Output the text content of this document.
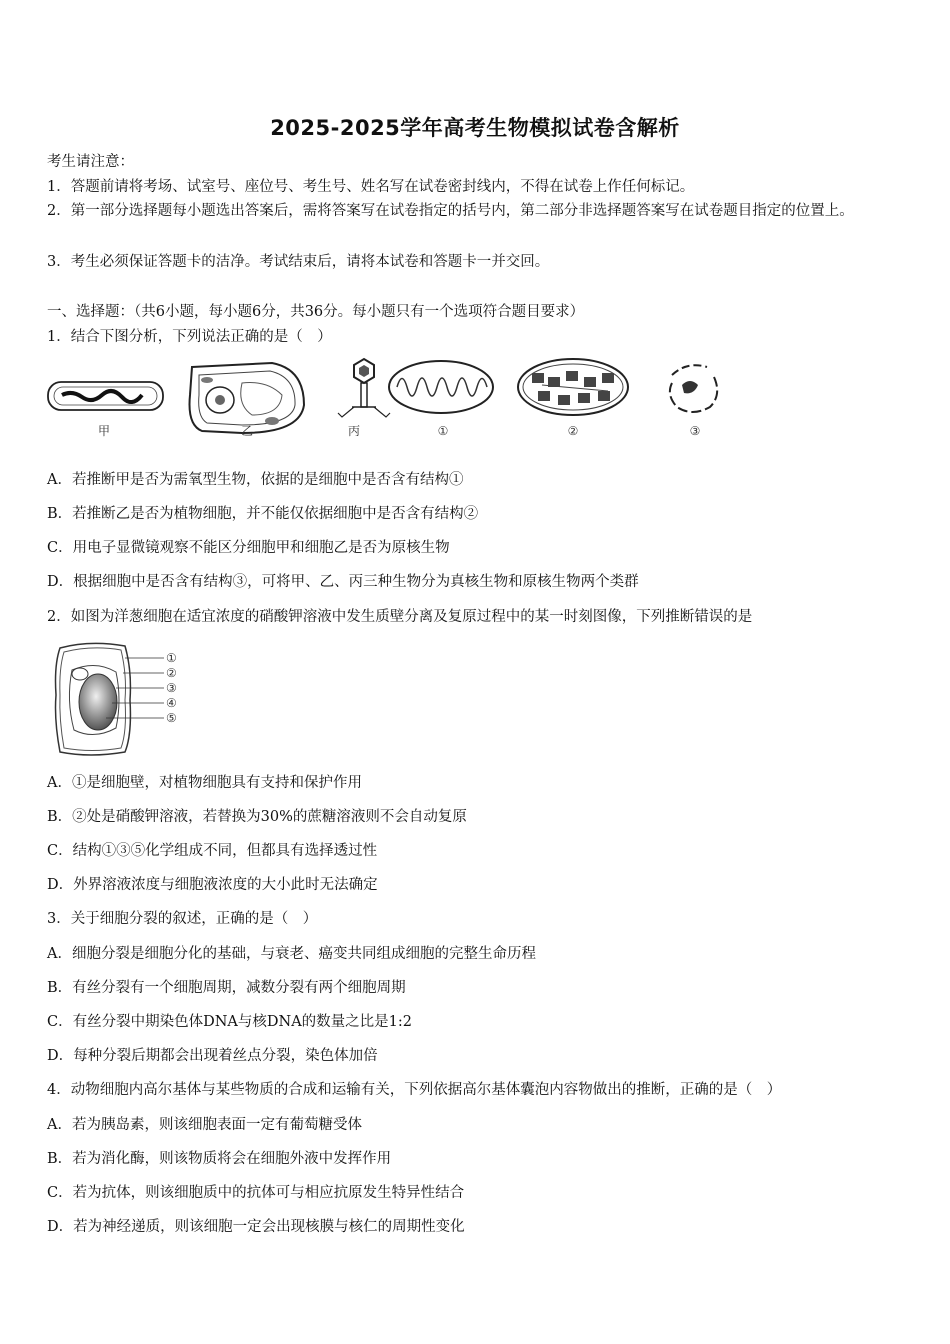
2025-2025学年高考生物模拟试卷含解析
考生请注意：
1．答题前请将考场、试室号、座位号、考生号、姓名写在试卷密封线内，不得在试卷上作任何标记。
2．第一部分选择题每小题选出答案后，需将答案写在试卷指定的括号内，第二部分非选择题答案写在试卷题目指定的位置上。
3．考生必须保证答题卡的洁净。考试结束后，请将本试卷和答题卡一并交回。
一、选择题：（共6小题，每小题6分，共36分。每小题只有一个选项符合题目要求）
1．结合下图分析，下列说法正确的是（　）
甲	乙	丙	①	②	③
A．若推断甲是否为需氧型生物，依据的是细胞中是否含有结构①
B．若推断乙是否为植物细胞，并不能仅依据细胞中是否含有结构②
C．用电子显微镜观察不能区分细胞甲和细胞乙是否为原核生物
D．根据细胞中是否含有结构③，可将甲、乙、丙三种生物分为真核生物和原核生物两个类群
2．如图为洋葱细胞在适宜浓度的硝酸钾溶液中发生质壁分离及复原过程中的某一时刻图像，下列推断错误的是
①
②
③
④
⑤
A．①是细胞壁，对植物细胞具有支持和保护作用
B．②处是硝酸钾溶液，若替换为30%的蔗糖溶液则不会自动复原
C．结构①③⑤化学组成不同，但都具有选择透过性
D．外界溶液浓度与细胞液浓度的大小此时无法确定
3．关于细胞分裂的叙述，正确的是（　）
A．细胞分裂是细胞分化的基础，与衰老、癌变共同组成细胞的完整生命历程
B．有丝分裂有一个细胞周期，减数分裂有两个细胞周期
C．有丝分裂中期染色体DNA与核DNA的数量之比是1:2
D．每种分裂后期都会出现着丝点分裂，染色体加倍
4．动物细胞内高尔基体与某些物质的合成和运输有关，下列依据高尔基体囊泡内容物做出的推断，正确的是（　）
A．若为胰岛素，则该细胞表面一定有葡萄糖受体
B．若为消化酶，则该物质将会在细胞外液中发挥作用
C．若为抗体，则该细胞质中的抗体可与相应抗原发生特异性结合
D．若为神经递质，则该细胞一定会出现核膜与核仁的周期性变化
